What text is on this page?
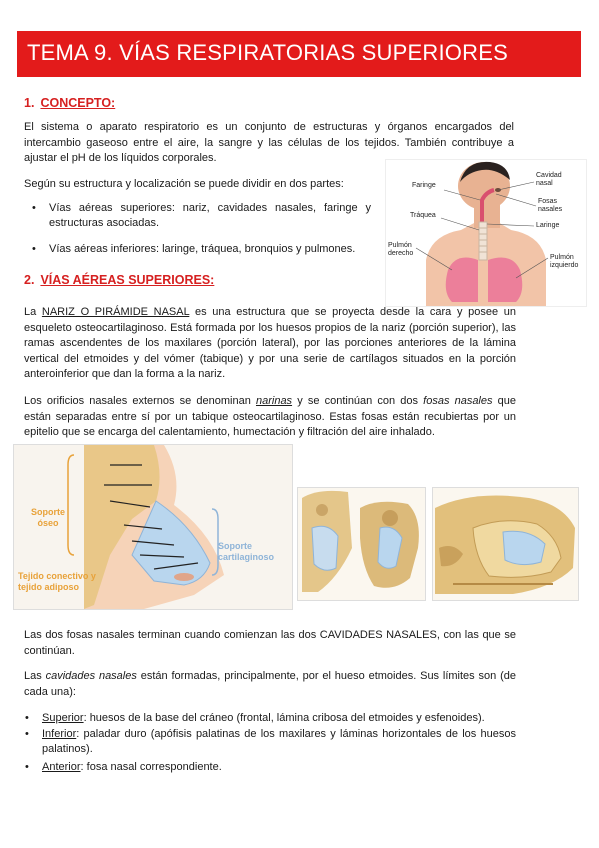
TEMA 9. VÍAS RESPIRATORIAS SUPERIORES
1. CONCEPTO:
El sistema o aparato respiratorio es un conjunto de estructuras y órganos encargados del intercambio gaseoso entre el aire, la sangre y las células de los tejidos. También contribuye a ajustar el pH de los líquidos corporales.
Según su estructura y localización se puede dividir en dos partes:
• Vías aéreas superiores: nariz, cavidades nasales, faringe y estructuras asociadas.
• Vías aéreas inferiores: laringe, tráquea, bronquios y pulmones.
Faringe
Tráquea
Pulmón derecho
Cavidad nasal
Fosas nasales
Laringe
Pulmón izquierdo
2. VÍAS AÉREAS SUPERIORES:
La NARIZ O PIRÁMIDE NASAL es una estructura que se proyecta desde la cara y posee un esqueleto osteocartilaginoso. Está formada por los huesos propios de la nariz (porción superior), las ramas ascendentes de los maxilares (porción lateral), por las porciones anteriores de la lámina vertical del etmoides y del vómer (tabique) y por una serie de cartílagos situados en la porción anteroinferior que dan la forma a la nariz.
Los orificios nasales externos se denominan narinas y se continúan con dos fosas nasales que están separadas entre sí por un tabique osteocartilaginoso. Estas fosas están recubiertas por un epitelio que se encarga del calentamiento, humectación y filtración del aire inhalado.
Soporte óseo
Soporte cartilaginoso
Tejido conectivo y tejido adiposo
Las dos fosas nasales terminan cuando comienzan las dos CAVIDADES NASALES, con las que se continúan.
Las cavidades nasales están formadas, principalmente, por el hueso etmoides. Sus límites son (de cada una):
• Superior: huesos de la base del cráneo (frontal, lámina cribosa del etmoides y esfenoides).
• Inferior: paladar duro (apófisis palatinas de los maxilares y láminas horizontales de los huesos palatinos).
• Anterior: fosa nasal correspondiente.
